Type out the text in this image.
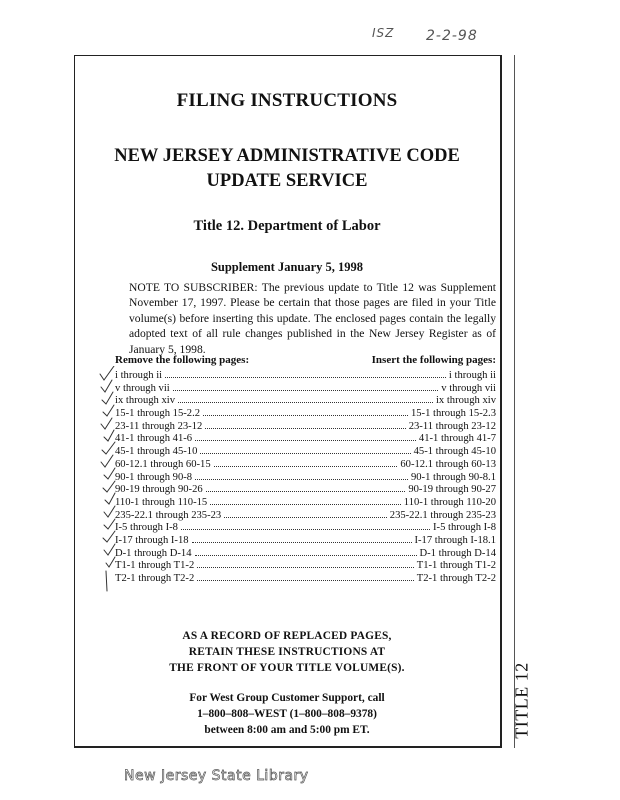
ISZ 2-2-98
TITLE 12
FILING INSTRUCTIONS
NEW JERSEY ADMINISTRATIVE CODE
UPDATE SERVICE
Title 12. Department of Labor
Supplement January 5, 1998
NOTE TO SUBSCRIBER: The previous update to Title 12 was Supplement November 17, 1997. Please be certain that those pages are filed in your Title volume(s) before inserting this update. The enclosed pages contain the legally adopted text of all rule changes published in the New Jersey Register as of January 5, 1998.
Remove the following pages:	Insert the following pages:
i through ii	i through ii
v through vii	v through vii
ix through xiv	ix through xiv
15-1 through 15-2.2	15-1 through 15-2.3
23-11 through 23-12	23-11 through 23-12
41-1 through 41-6	41-1 through 41-7
45-1 through 45-10	45-1 through 45-10
60-12.1 through 60-15	60-12.1 through 60-13
90-1 through 90-8	90-1 through 90-8.1
90-19 through 90-26	90-19 through 90-27
110-1 through 110-15	110-1 through 110-20
235-22.1 through 235-23	235-22.1 through 235-23
I-5 through I-8	I-5 through I-8
I-17 through I-18	I-17 through I-18.1
D-1 through D-14	D-1 through D-14
T1-1 through T1-2	T1-1 through T1-2
T2-1 through T2-2	T2-1 through T2-2
AS A RECORD OF REPLACED PAGES,
RETAIN THESE INSTRUCTIONS AT
THE FRONT OF YOUR TITLE VOLUME(S).
For West Group Customer Support, call
1–800–808–WEST (1–800–808–9378)
between 8:00 am and 5:00 pm ET.
New Jersey State Library
